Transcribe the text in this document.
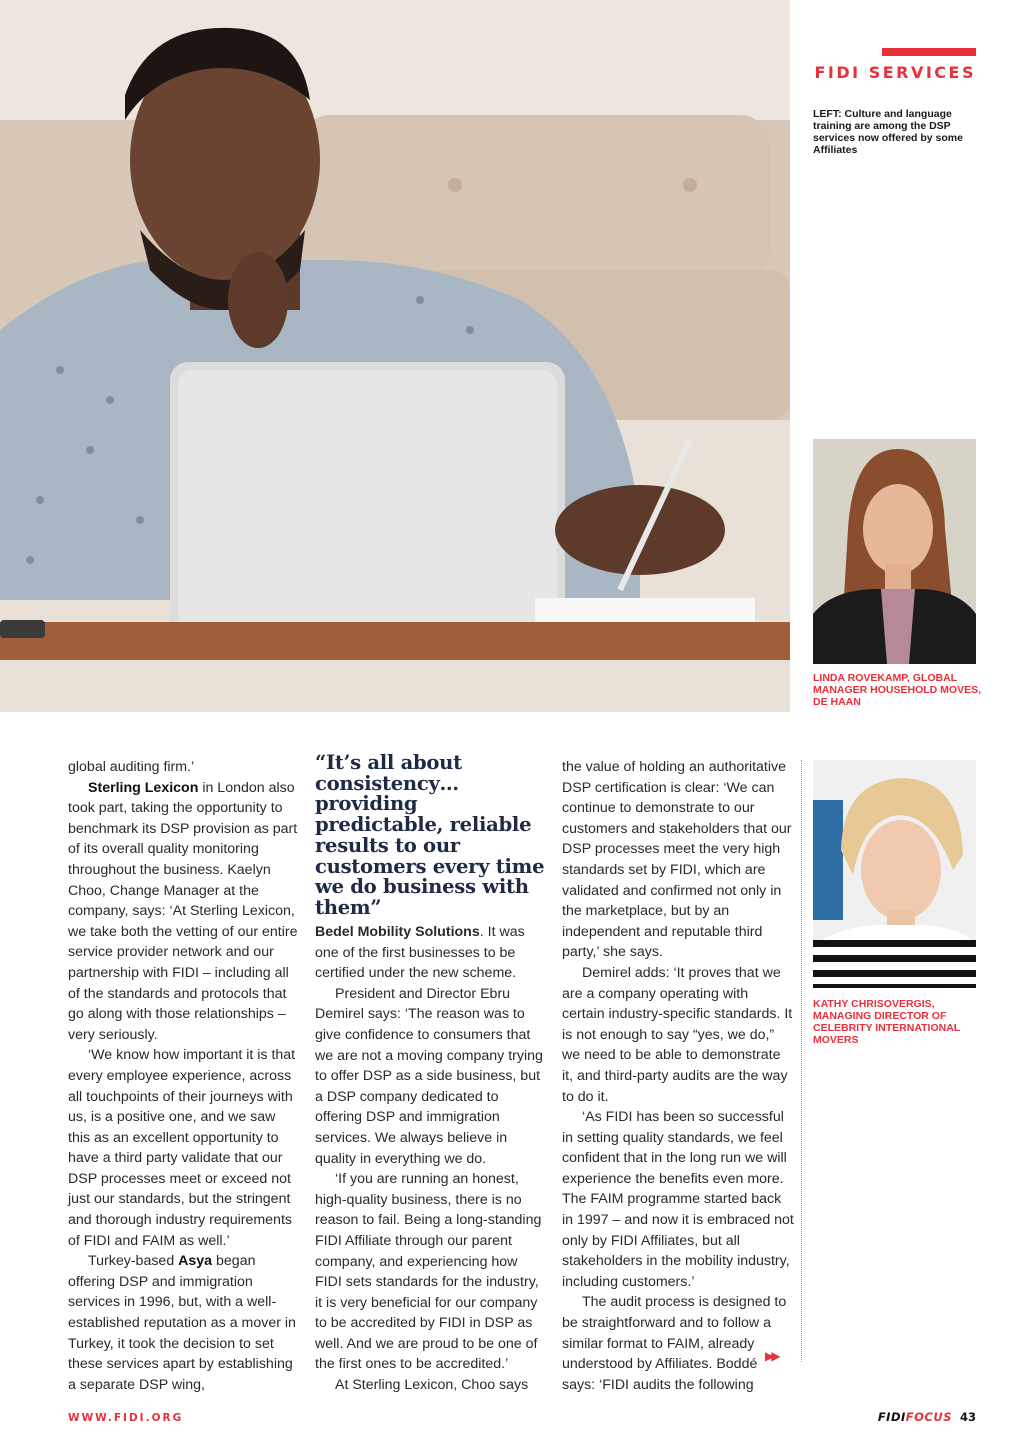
FIDI SERVICES
LEFT: Culture and language training are among the DSP services now offered by some Affiliates
LINDA ROVEKAMP, GLOBAL MANAGER HOUSEHOLD MOVES, DE HAAN
KATHY CHRISOVERGIS, MANAGING DIRECTOR OF CELEBRITY INTERNATIONAL MOVERS

global auditing firm.’

Sterling Lexicon in London also took part, taking the opportunity to benchmark its DSP provision as part of its overall quality monitoring throughout the business. Kaelyn Choo, Change Manager at the company, says: ‘At Sterling Lexicon, we take both the vetting of our entire service provider network and our partnership with FIDI – including all of the standards and protocols that go along with those relationships – very seriously.

‘We know how important it is that every employee experience, across all touchpoints of their journeys with us, is a positive one, and we saw this as an excellent opportunity to have a third party validate that our DSP processes meet or exceed not just our standards, but the stringent and thorough industry requirements of FIDI and FAIM as well.’

Turkey-based Asya began offering DSP and immigration services in 1996, but, with a well-established reputation as a mover in Turkey, it took the decision to set these services apart by establishing a separate DSP wing,

“It’s all about consistency… providing predictable, reliable results to our customers every time we do business with them”

Bedel Mobility Solutions. It was one of the first businesses to be certified under the new scheme.

President and Director Ebru Demirel says: ‘The reason was to give confidence to consumers that we are not a moving company trying to offer DSP as a side business, but a DSP company dedicated to offering DSP and immigration services. We always believe in quality in everything we do.

‘If you are running an honest, high-quality business, there is no reason to fail. Being a long-standing FIDI Affiliate through our parent company, and experiencing how FIDI sets standards for the industry, it is very beneficial for our company to be accredited by FIDI in DSP as well. And we are proud to be one of the first ones to be accredited.’

At Sterling Lexicon, Choo says

the value of holding an authoritative DSP certification is clear: ‘We can continue to demonstrate to our customers and stakeholders that our DSP processes meet the very high standards set by FIDI, which are validated and confirmed not only in the marketplace, but by an independent and reputable third party,’ she says.

Demirel adds: ‘It proves that we are a company operating with certain industry-specific standards. It is not enough to say “yes, we do,” we need to be able to demonstrate it, and third-party audits are the way to do it.

‘As FIDI has been so successful in setting quality standards, we feel confident that in the long run we will experience the benefits even more. The FAIM programme started back in 1997 – and now it is embraced not only by FIDI Affiliates, but all stakeholders in the mobility industry, including customers.’

The audit process is designed to be straightforward and to follow a similar format to FAIM, already understood by Affiliates. Boddé says: ‘FIDI audits the following

▶▶
WWW.FIDI.ORG	FIDIFOCUS 43
